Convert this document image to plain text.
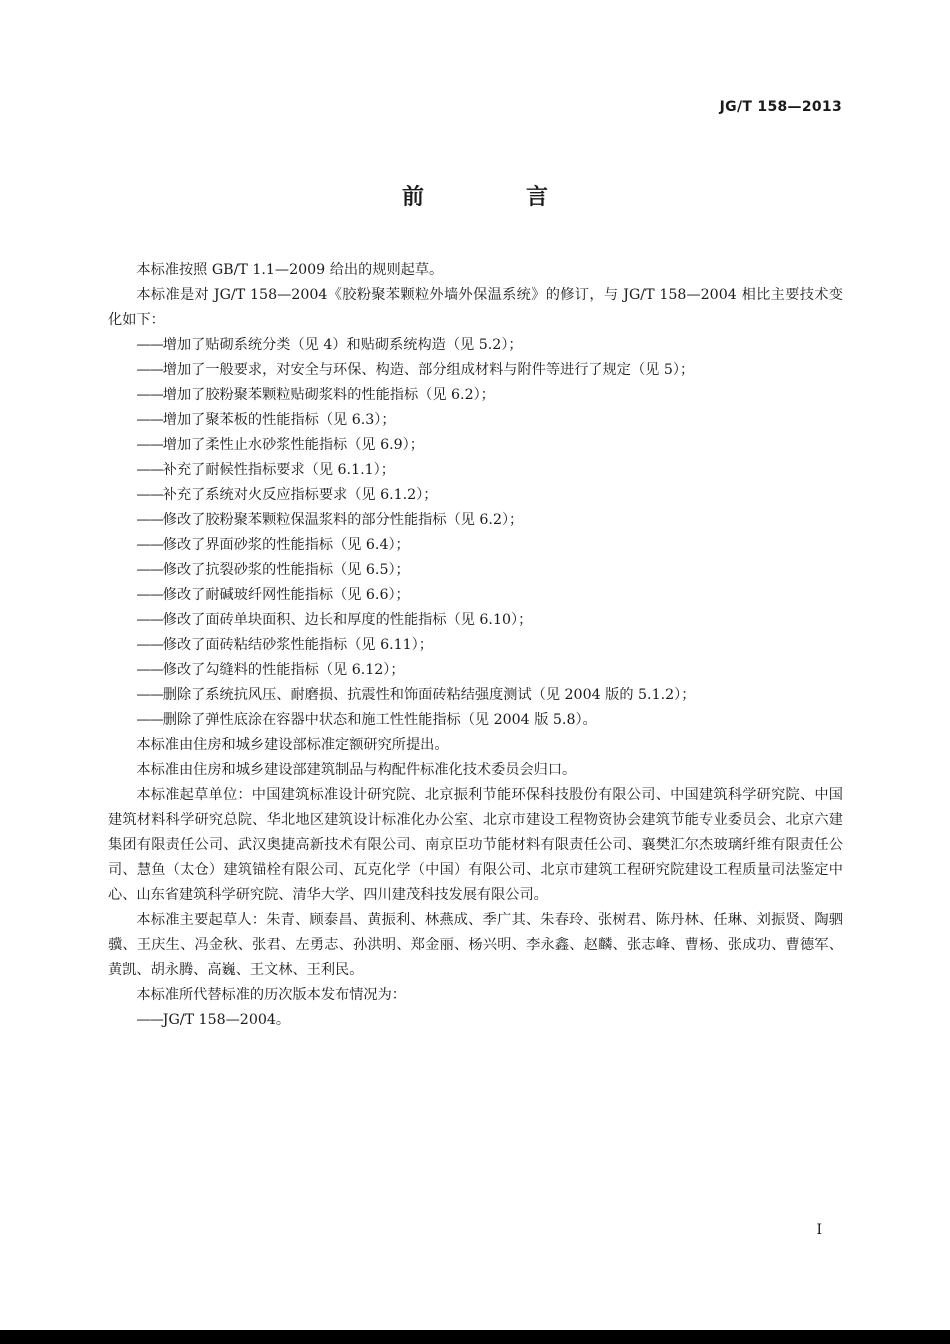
JG/T 158—2013
前　言

本标准按照 GB/T 1.1—2009 给出的规则起草。

本标准是对 JG/T 158—2004《胶粉聚苯颗粒外墙外保温系统》的修订，与 JG/T 158—2004 相比主要技术变化如下：

——增加了贴砌系统分类（见 4）和贴砌系统构造（见 5.2）；

——增加了一般要求，对安全与环保、构造、部分组成材料与附件等进行了规定（见 5）；

——增加了胶粉聚苯颗粒贴砌浆料的性能指标（见 6.2）；

——增加了聚苯板的性能指标（见 6.3）；

——增加了柔性止水砂浆性能指标（见 6.9）；

——补充了耐候性指标要求（见 6.1.1）；

——补充了系统对火反应指标要求（见 6.1.2）；

——修改了胶粉聚苯颗粒保温浆料的部分性能指标（见 6.2）；

——修改了界面砂浆的性能指标（见 6.4）；

——修改了抗裂砂浆的性能指标（见 6.5）；

——修改了耐碱玻纤网性能指标（见 6.6）；

——修改了面砖单块面积、边长和厚度的性能指标（见 6.10）；

——修改了面砖粘结砂浆性能指标（见 6.11）；

——修改了勾缝料的性能指标（见 6.12）；

——删除了系统抗风压、耐磨损、抗震性和饰面砖粘结强度测试（见 2004 版的 5.1.2）；

——删除了弹性底涂在容器中状态和施工性性能指标（见 2004 版 5.8）。

本标准由住房和城乡建设部标准定额研究所提出。

本标准由住房和城乡建设部建筑制品与构配件标准化技术委员会归口。

本标准起草单位：中国建筑标准设计研究院、北京振利节能环保科技股份有限公司、中国建筑科学研究院、中国建筑材料科学研究总院、华北地区建筑设计标准化办公室、北京市建设工程物资协会建筑节能专业委员会、北京六建集团有限责任公司、武汉奥捷高新技术有限公司、南京臣功节能材料有限责任公司、襄樊汇尔杰玻璃纤维有限责任公司、慧鱼（太仓）建筑锚栓有限公司、瓦克化学（中国）有限公司、北京市建筑工程研究院建设工程质量司法鉴定中心、山东省建筑科学研究院、清华大学、四川建茂科技发展有限公司。

本标准主要起草人：朱青、顾泰昌、黄振利、林燕成、季广其、朱春玲、张树君、陈丹林、任琳、刘振贤、陶驷骥、王庆生、冯金秋、张君、左勇志、孙洪明、郑金丽、杨兴明、李永鑫、赵麟、张志峰、曹杨、张成功、曹德军、黄凯、胡永腾、高巍、王文林、王利民。

本标准所代替标准的历次版本发布情况为：

——JG/T 158—2004。

I
